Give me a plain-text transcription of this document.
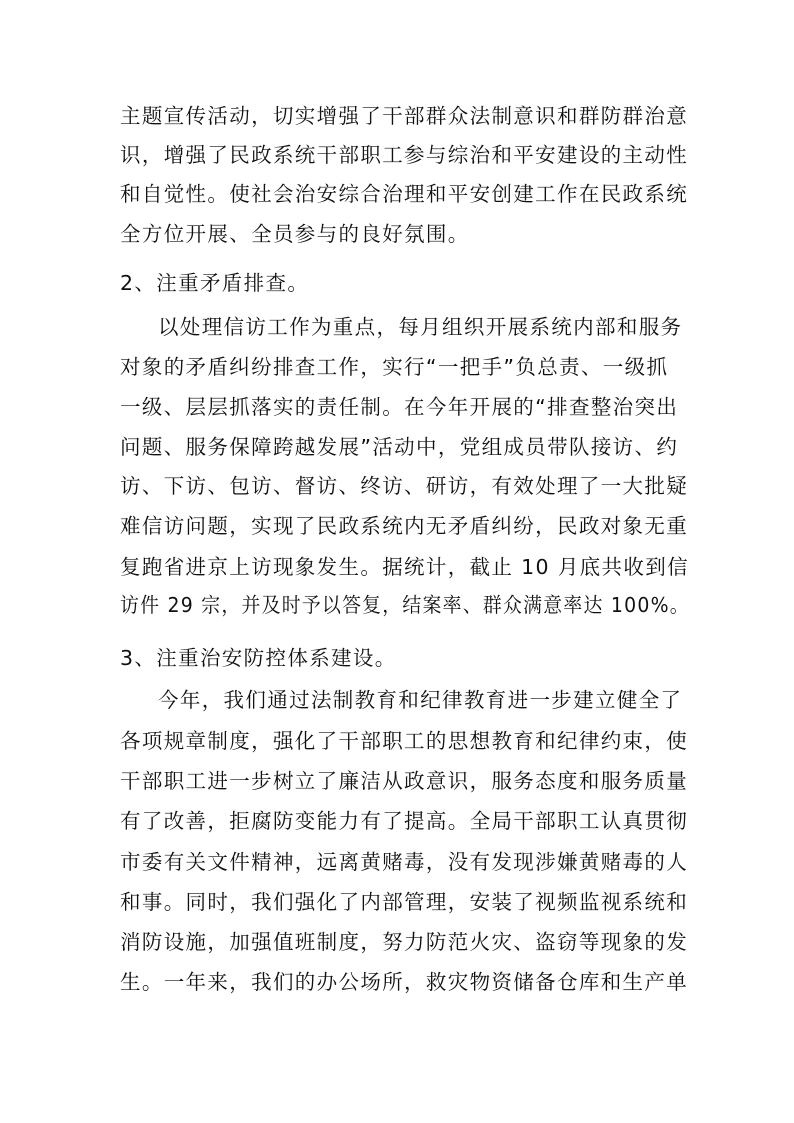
主题宣传活动，切实增强了干部群众法制意识和群防群治意
识，增强了民政系统干部职工参与综治和平安建设的主动性
和自觉性。使社会治安综合治理和平安创建工作在民政系统
全方位开展、全员参与的良好氛围。
2、注重矛盾排查。
以处理信访工作为重点，每月组织开展系统内部和服务
对象的矛盾纠纷排查工作，实行“一把手”负总责、一级抓
一级、层层抓落实的责任制。在今年开展的“排查整治突出
问题、服务保障跨越发展”活动中，党组成员带队接访、约
访、下访、包访、督访、终访、研访，有效处理了一大批疑
难信访问题，实现了民政系统内无矛盾纠纷，民政对象无重
复跑省进京上访现象发生。据统计，截止 10 月底共收到信
访件 29 宗，并及时予以答复，结案率、群众满意率达 100%。
3、注重治安防控体系建设。
今年，我们通过法制教育和纪律教育进一步建立健全了
各项规章制度，强化了干部职工的思想教育和纪律约束，使
干部职工进一步树立了廉洁从政意识，服务态度和服务质量
有了改善，拒腐防变能力有了提高。全局干部职工认真贯彻
市委有关文件精神，远离黄赌毒，没有发现涉嫌黄赌毒的人
和事。同时，我们强化了内部管理，安装了视频监视系统和
消防设施，加强值班制度，努力防范火灾、盗窃等现象的发
生。一年来，我们的办公场所，救灾物资储备仓库和生产单
